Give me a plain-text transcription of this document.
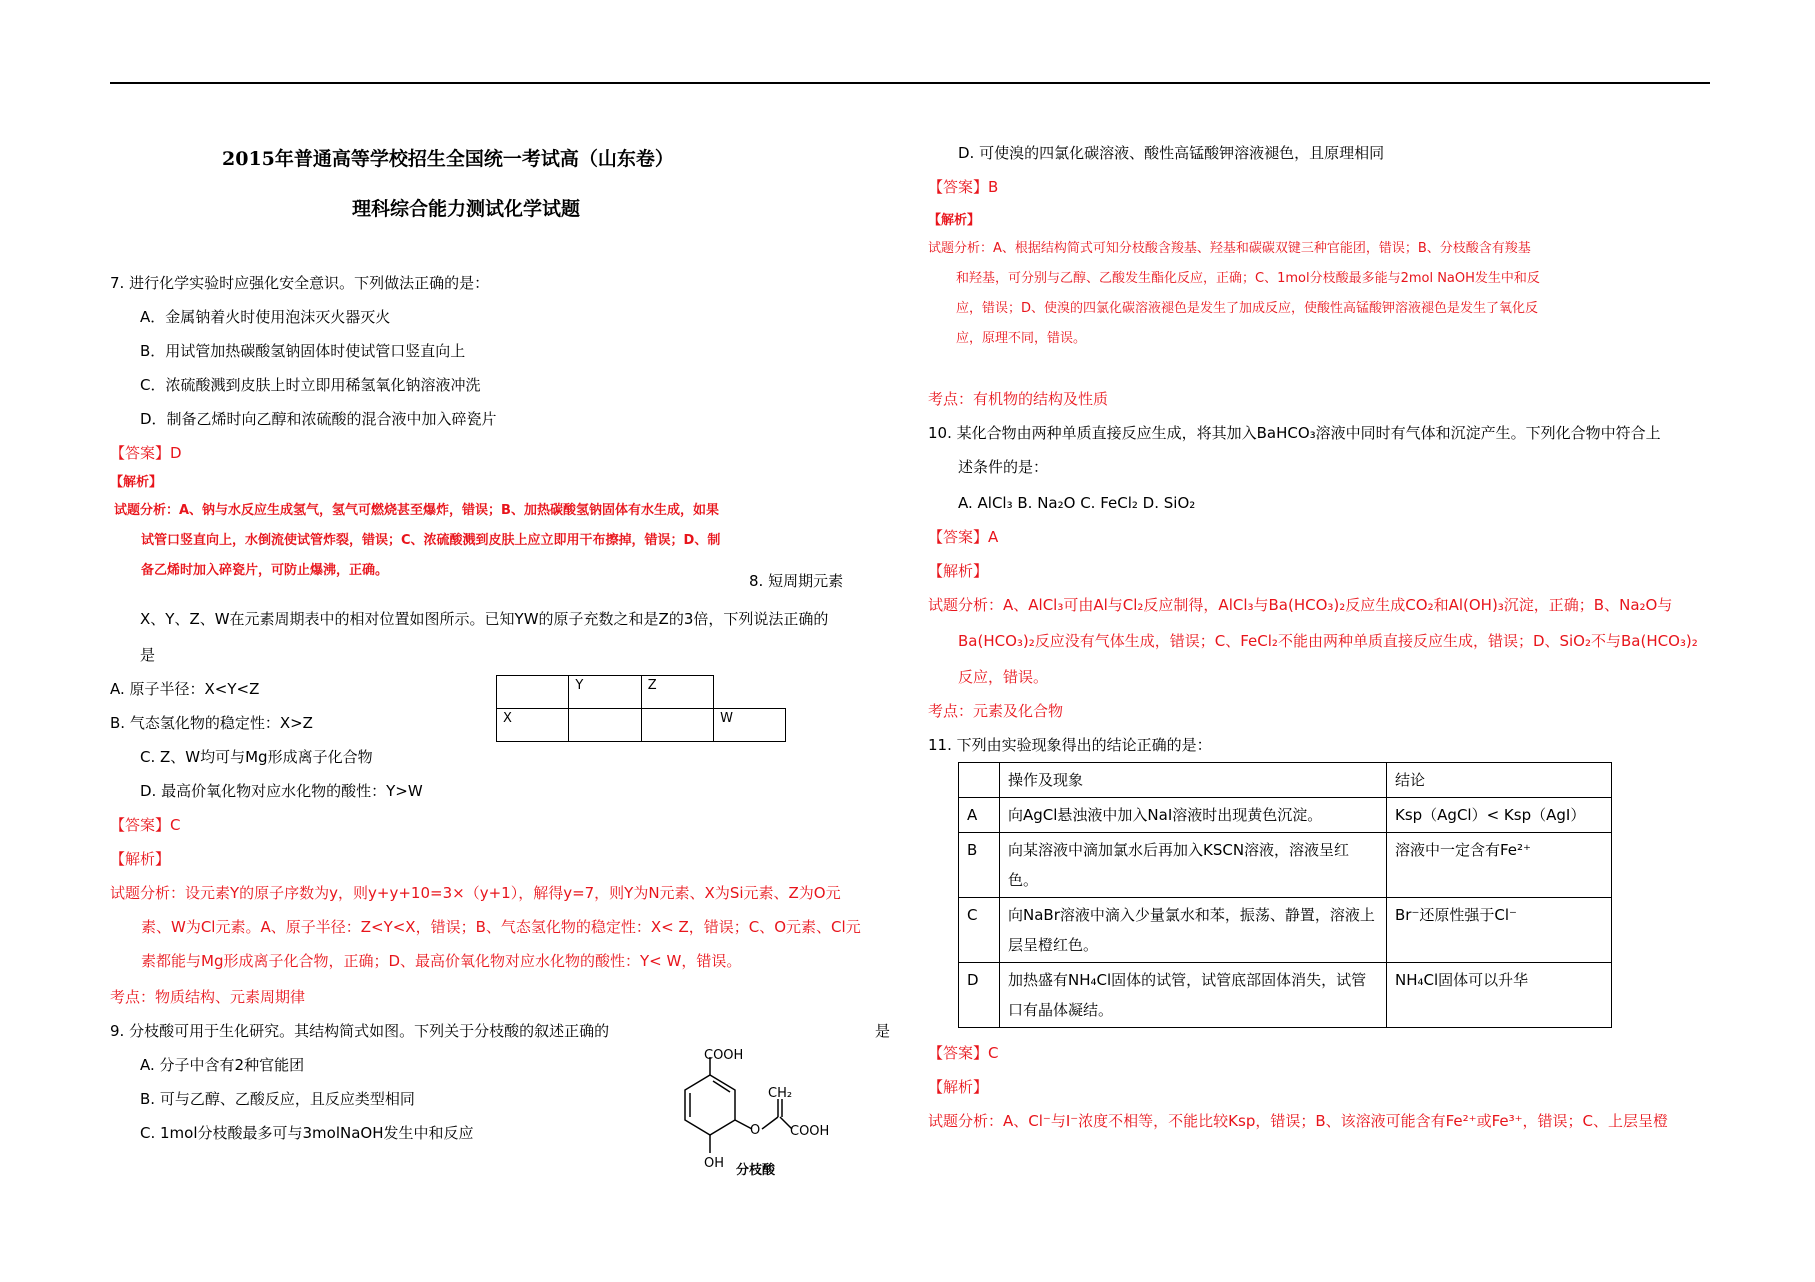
2015年普通高等学校招生全国统一考试高（山东卷）
理科综合能力测试化学试题
7. 进行化学实验时应强化安全意识。下列做法正确的是：
A．金属钠着火时使用泡沫灭火器灭火
B．用试管加热碳酸氢钠固体时使试管口竖直向上
C．浓硫酸溅到皮肤上时立即用稀氢氧化钠溶液冲洗
D．制备乙烯时向乙醇和浓硫酸的混合液中加入碎瓷片
【答案】D
【解析】
试题分析：A、钠与水反应生成氢气，氢气可燃烧甚至爆炸，错误；B、加热碳酸氢钠固体有水生成，如果
试管口竖直向上，水倒流使试管炸裂，错误；C、浓硫酸溅到皮肤上应立即用干布擦掉，错误；D、制
备乙烯时加入碎瓷片，可防止爆沸，正确。
8. 短周期元素
X、Y、Z、W在元素周期表中的相对位置如图所示。已知YW的原子充数之和是Z的3倍，下列说法正确的
是
A. 原子半径：X<Y<Z
B. 气态氢化物的稳定性：X>Z
C. Z、W均可与Mg形成离子化合物
D. 最高价氧化物对应水化物的酸性：Y>W
	Y	Z	
X			W
【答案】C
【解析】
试题分析：设元素Y的原子序数为y，则y+y+10=3×（y+1），解得y=7，则Y为N元素、X为Si元素、Z为O元
素、W为Cl元素。A、原子半径：Z<Y<X，错误；B、气态氢化物的稳定性：X< Z，错误；C、O元素、Cl元
素都能与Mg形成离子化合物，正确；D、最高价氧化物对应水化物的酸性：Y< W，错误。
考点：物质结构、元素周期律
9. 分枝酸可用于生化研究。其结构简式如图。下列关于分枝酸的叙述正确的	是
A. 分子中含有2种官能团
B. 可与乙醇、乙酸反应，且反应类型相同
C. 1mol分枝酸最多可与3molNaOH发生中和反应
COOH
CH₂
O COOH
OH 分枝酸
D. 可使溴的四氯化碳溶液、酸性高锰酸钾溶液褪色，且原理相同
【答案】B
【解析】
试题分析：A、根据结构简式可知分枝酸含羧基、羟基和碳碳双键三种官能团，错误；B、分枝酸含有羧基
和羟基，可分别与乙醇、乙酸发生酯化反应，正确；C、1mol分枝酸最多能与2mol NaOH发生中和反
应，错误；D、使溴的四氯化碳溶液褪色是发生了加成反应，使酸性高锰酸钾溶液褪色是发生了氧化反
应，原理不同，错误。
考点：有机物的结构及性质
10. 某化合物由两种单质直接反应生成，将其加入BaHCO₃溶液中同时有气体和沉淀产生。下列化合物中符合上
述条件的是：
A. AlCl₃ B. Na₂O C. FeCl₂ D. SiO₂
【答案】A
【解析】
试题分析：A、AlCl₃可由Al与Cl₂反应制得，AlCl₃与Ba(HCO₃)₂反应生成CO₂和Al(OH)₃沉淀，正确；B、Na₂O与
Ba(HCO₃)₂反应没有气体生成，错误；C、FeCl₂不能由两种单质直接反应生成，错误；D、SiO₂不与Ba(HCO₃)₂
反应，错误。
考点：元素及化合物
11. 下列由实验现象得出的结论正确的是：
	操作及现象	结论
A	向AgCl悬浊液中加入NaI溶液时出现黄色沉淀。	Ksp（AgCl）< Ksp（AgI）
B	向某溶液中滴加氯水后再加入KSCN溶液，溶液呈红色。	溶液中一定含有Fe²⁺
C	向NaBr溶液中滴入少量氯水和苯，振荡、静置，溶液上层呈橙红色。	Br⁻还原性强于Cl⁻
D	加热盛有NH₄Cl固体的试管，试管底部固体消失，试管口有晶体凝结。	NH₄Cl固体可以升华
【答案】C
【解析】
试题分析：A、Cl⁻与I⁻浓度不相等，不能比较Ksp，错误；B、该溶液可能含有Fe²⁺或Fe³⁺，错误；C、上层呈橙
